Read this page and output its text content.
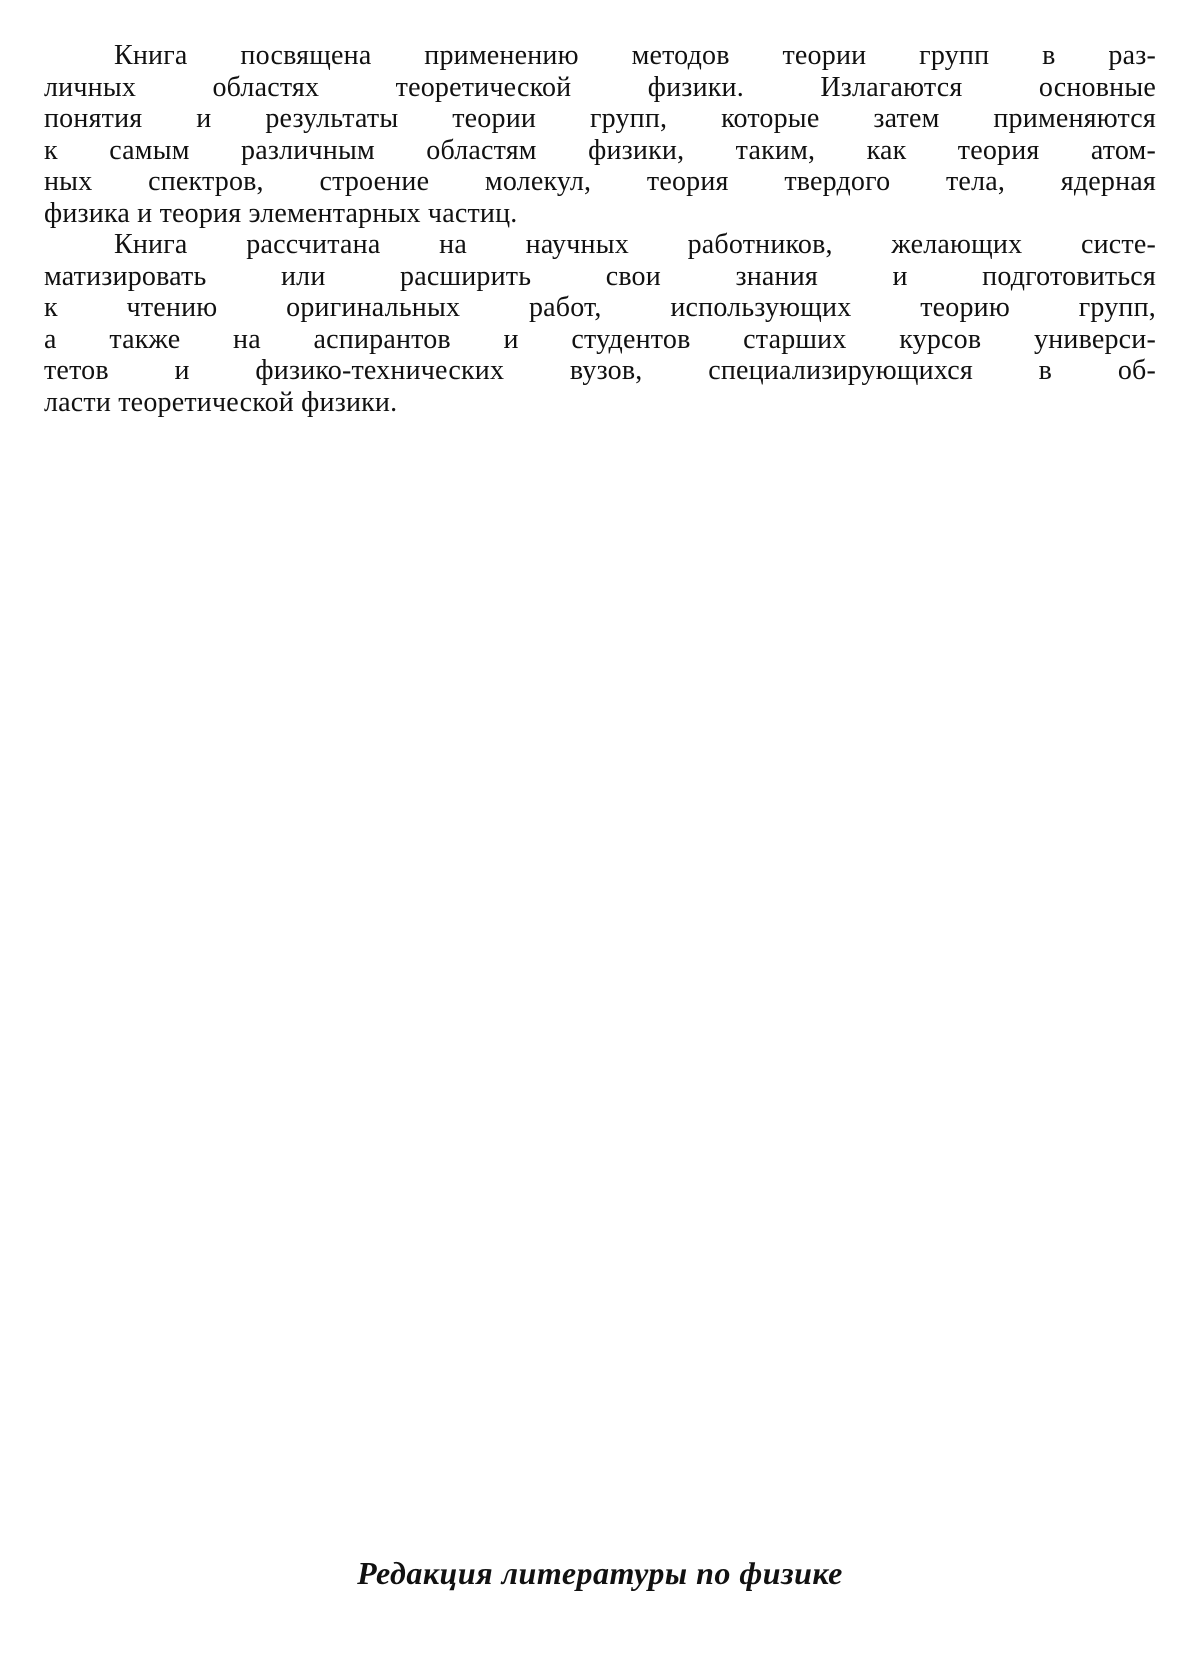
Книга посвящена применению методов теории групп в раз-
личных областях теоретической физики. Излагаются основные
понятия и результаты теории групп, которые затем применяются
к самым различным областям физики, таким, как теория атом-
ных спектров, строение молекул, теория твердого тела, ядерная
физика и теория элементарных частиц.
Книга рассчитана на научных работников, желающих систе-
матизировать или расширить свои знания и подготовиться
к чтению оригинальных работ, использующих теорию групп,
а также на аспирантов и студентов старших курсов универси-
тетов и физико-технических вузов, специализирующихся в об-
ласти теоретической физики.
Редакция литературы по физике
